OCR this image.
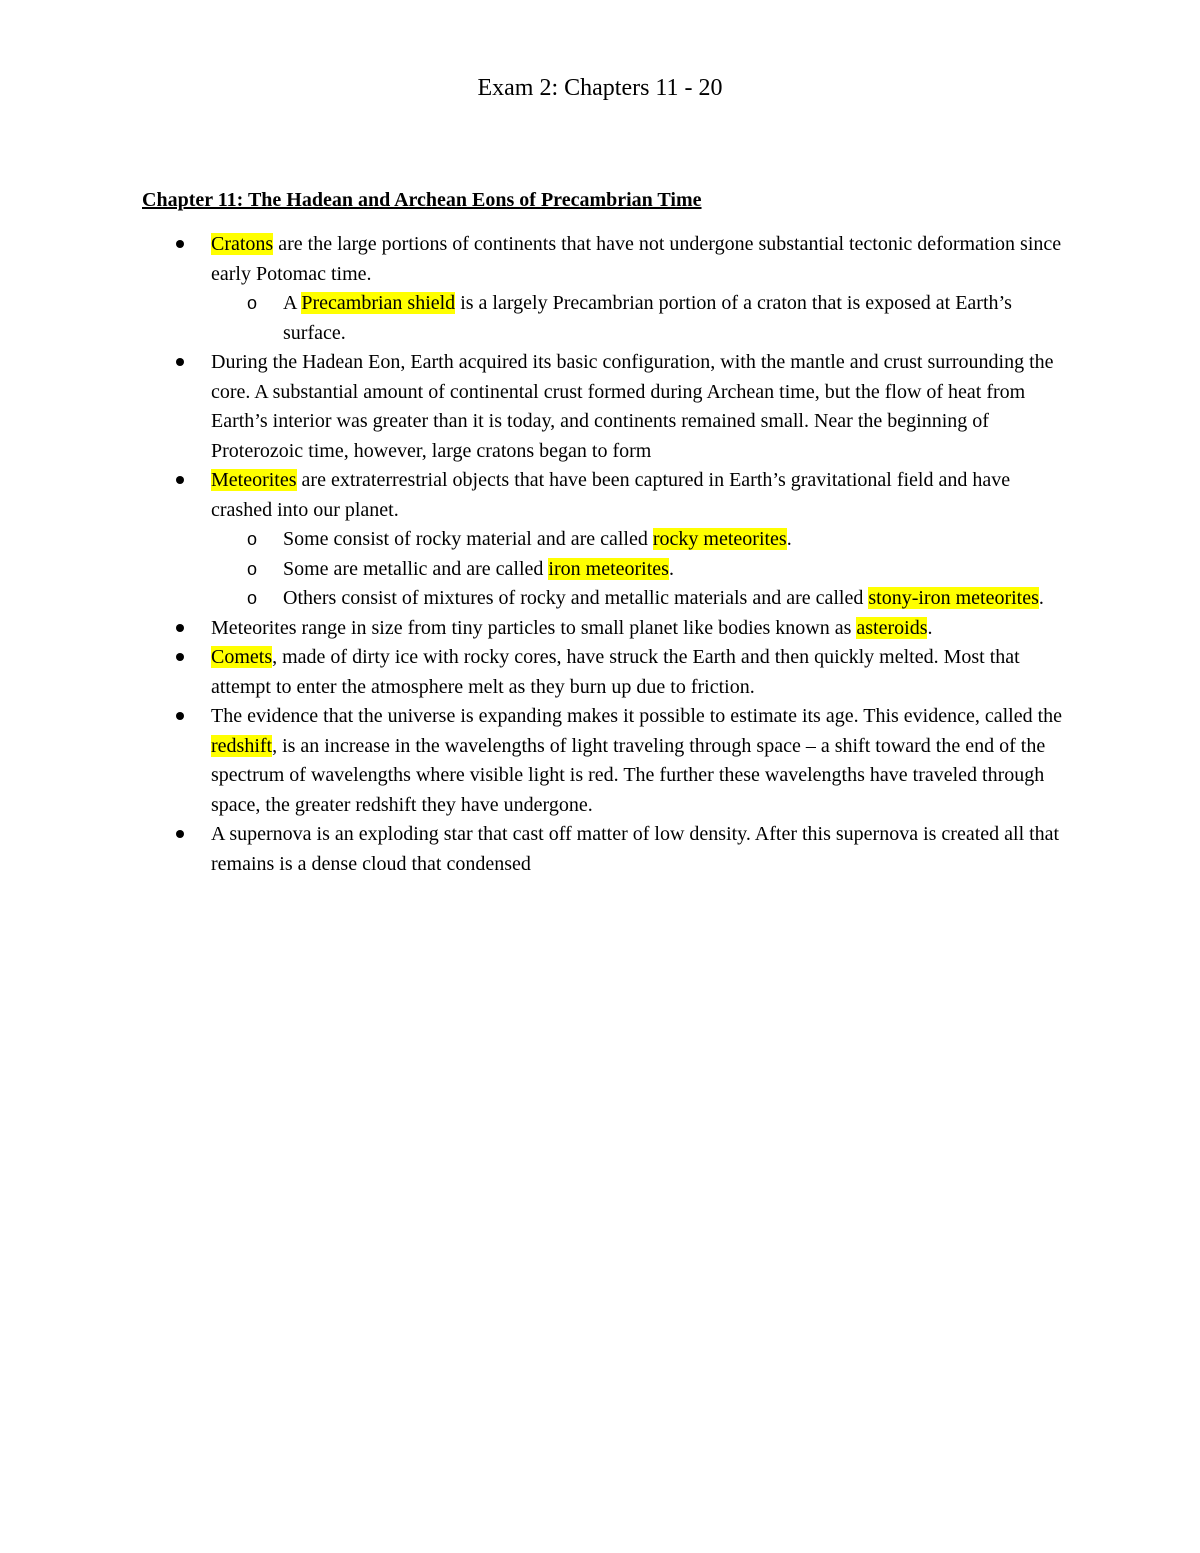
Exam 2: Chapters 11 - 20
Chapter 11: The Hadean and Archean Eons of Precambrian Time
Cratons are the large portions of continents that have not undergone substantial tectonic deformation since early Potomac time.
o A Precambrian shield is a largely Precambrian portion of a craton that is exposed at Earth’s surface.
During the Hadean Eon, Earth acquired its basic configuration, with the mantle and crust surrounding the core. A substantial amount of continental crust formed during Archean time, but the flow of heat from Earth’s interior was greater than it is today, and continents remained small. Near the beginning of Proterozoic time, however, large cratons began to form
Meteorites are extraterrestrial objects that have been captured in Earth’s gravitational field and have crashed into our planet.
o Some consist of rocky material and are called rocky meteorites.
o Some are metallic and are called iron meteorites.
o Others consist of mixtures of rocky and metallic materials and are called stony-iron meteorites.
Meteorites range in size from tiny particles to small planet like bodies known as asteroids.
Comets, made of dirty ice with rocky cores, have struck the Earth and then quickly melted. Most that attempt to enter the atmosphere melt as they burn up due to friction.
The evidence that the universe is expanding makes it possible to estimate its age. This evidence, called the redshift, is an increase in the wavelengths of light traveling through space – a shift toward the end of the spectrum of wavelengths where visible light is red. The further these wavelengths have traveled through space, the greater redshift they have undergone.
A supernova is an exploding star that cast off matter of low density. After this supernova is created all that remains is a dense cloud that condensed
